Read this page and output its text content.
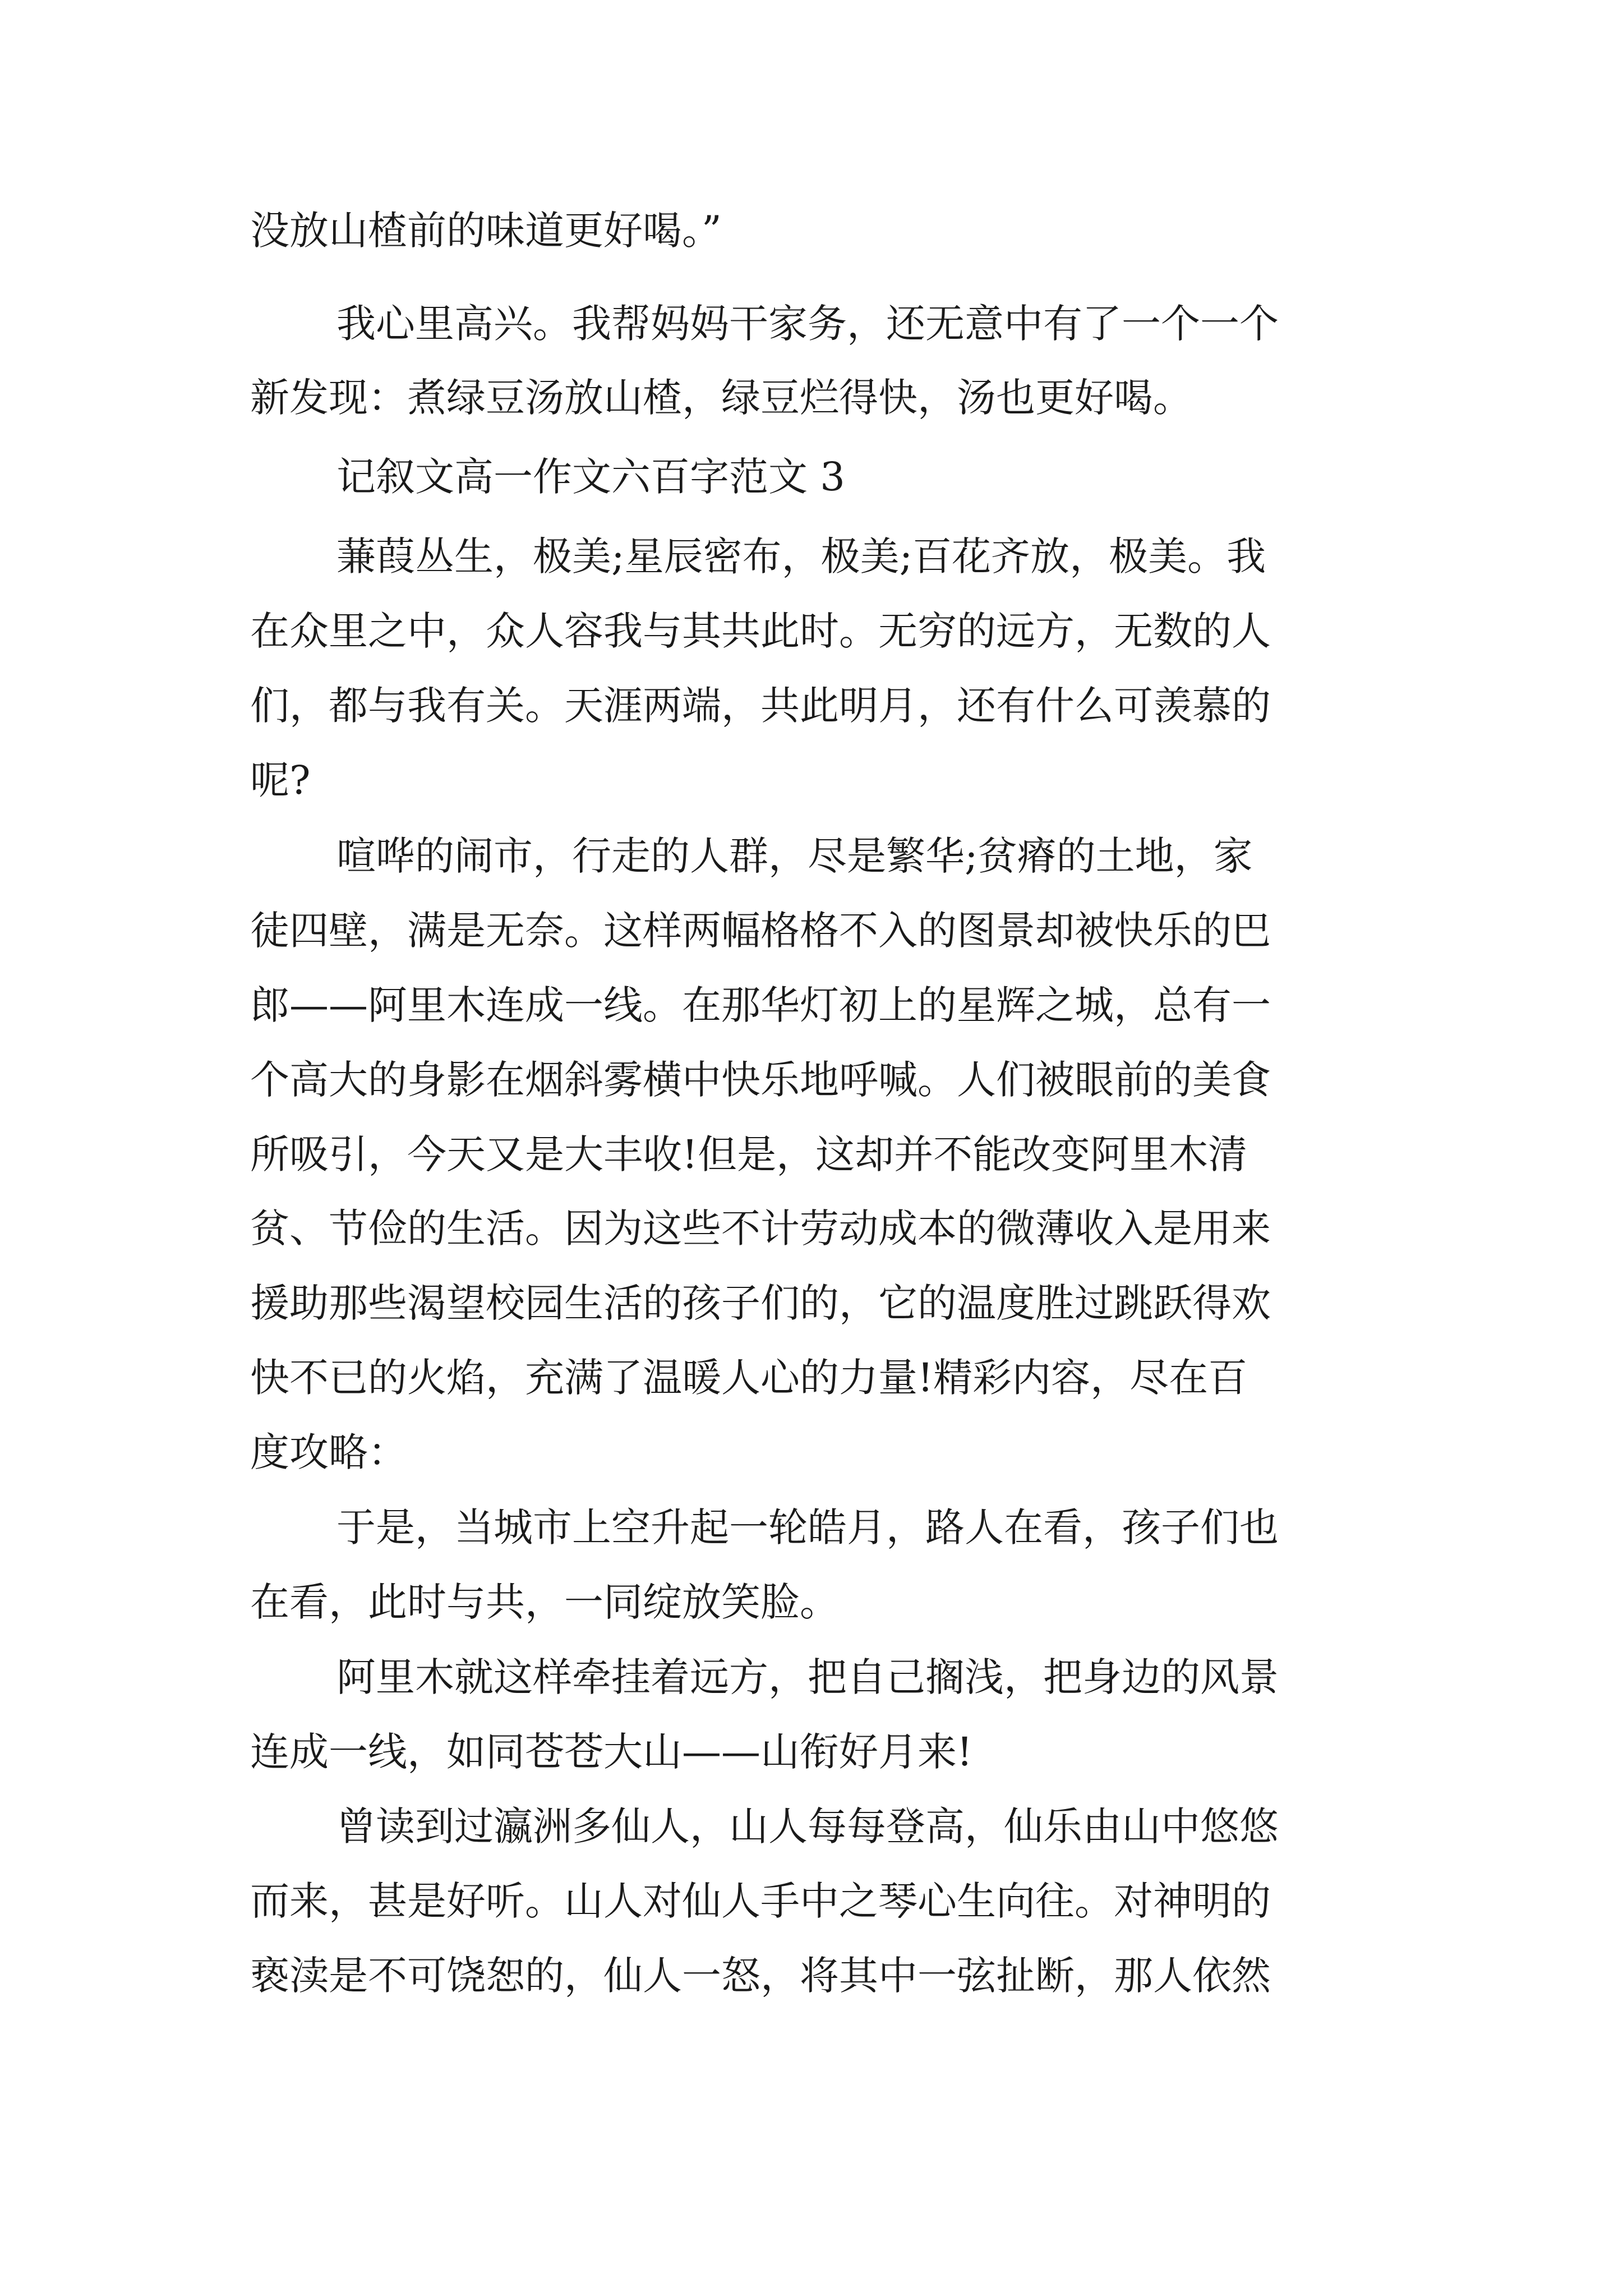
没放山楂前的味道更好喝。”

我心里高兴。我帮妈妈干家务，还无意中有了一个一个

新发现：煮绿豆汤放山楂，绿豆烂得快，汤也更好喝。

记叙文高一作文六百字范文 3

蒹葭丛生，极美;星辰密布，极美;百花齐放，极美。我

在众里之中，众人容我与其共此时。无穷的远方，无数的人

们，都与我有关。天涯两端，共此明月，还有什么可羡慕的

呢?

喧哗的闹市，行走的人群，尽是繁华;贫瘠的土地，家

徒四壁，满是无奈。这样两幅格格不入的图景却被快乐的巴

郎——阿里木连成一线。在那华灯初上的星辉之城，总有一

个高大的身影在烟斜雾横中快乐地呼喊。人们被眼前的美食

所吸引，今天又是大丰收!但是，这却并不能改变阿里木清

贫、节俭的生活。因为这些不计劳动成本的微薄收入是用来

援助那些渴望校园生活的孩子们的，它的温度胜过跳跃得欢

快不已的火焰，充满了温暖人心的力量!精彩内容，尽在百

度攻略：

于是，当城市上空升起一轮皓月，路人在看，孩子们也

在看，此时与共，一同绽放笑脸。

阿里木就这样牵挂着远方，把自己搁浅，把身边的风景

连成一线，如同苍苍大山——山衔好月来!

曾读到过瀛洲多仙人，山人每每登高，仙乐由山中悠悠

而来，甚是好听。山人对仙人手中之琴心生向往。对神明的

亵渎是不可饶恕的，仙人一怒，将其中一弦扯断，那人依然
